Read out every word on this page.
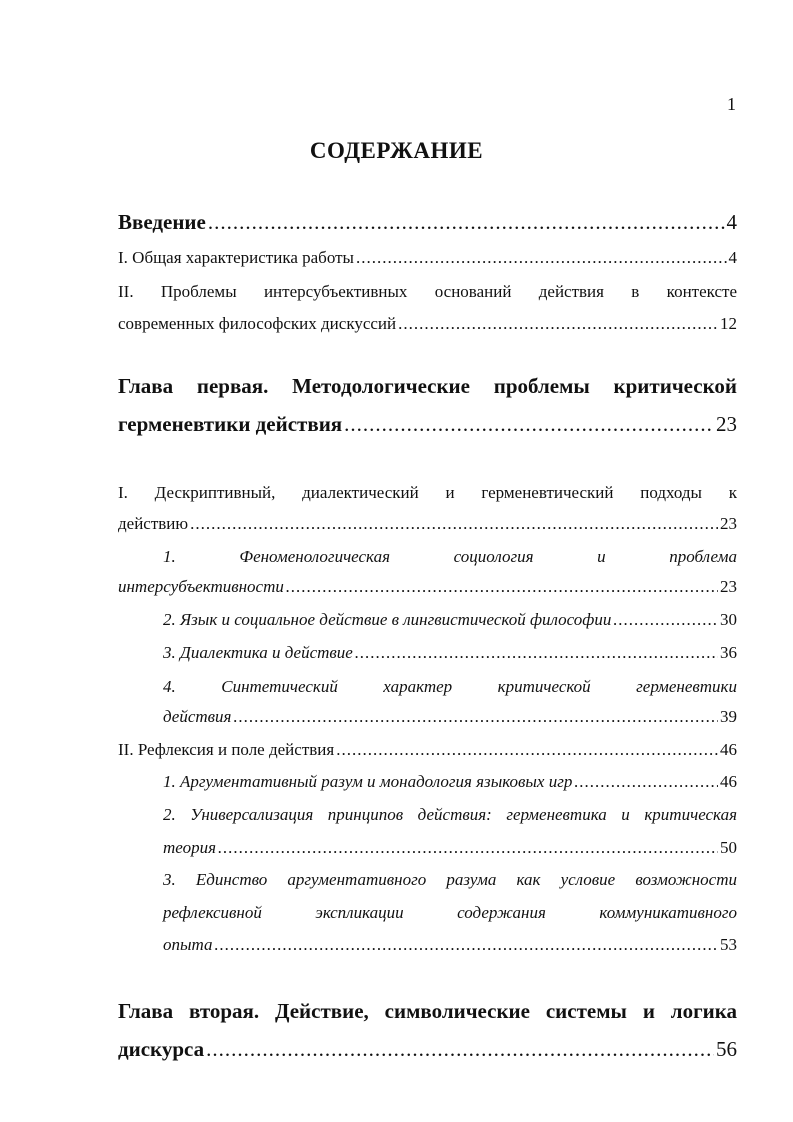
1
СОДЕРЖАНИЕ
Введение .....	4
I. Общая характеристика работы .....	4
II. Проблемы интерсубъективных оснований действия в контексте
современных философских дискуссий .....	12
Глава первая. Методологические проблемы критической
герменевтики действия .....	23
I. Дескриптивный, диалектический и герменевтический подходы к
действию .....	23
1. Феноменологическая социология и проблема
интерсубъективности .....	23
2. Язык и социальное действие в лингвистической философии .....	30
3. Диалектика и действие .....	36
4. Синтетический характер критической герменевтики
действия .....	39
II. Рефлексия и поле действия .....	46
1. Аргументативный разум и монадология языковых игр .....	46
2. Универсализация принципов действия: герменевтика и критическая
теория .....	50
3. Единство аргументативного разума как условие возможности
рефлексивной экспликации содержания коммуникативного
опыта .....	53
Глава вторая. Действие, символические системы и логика
дискурса .....	56
